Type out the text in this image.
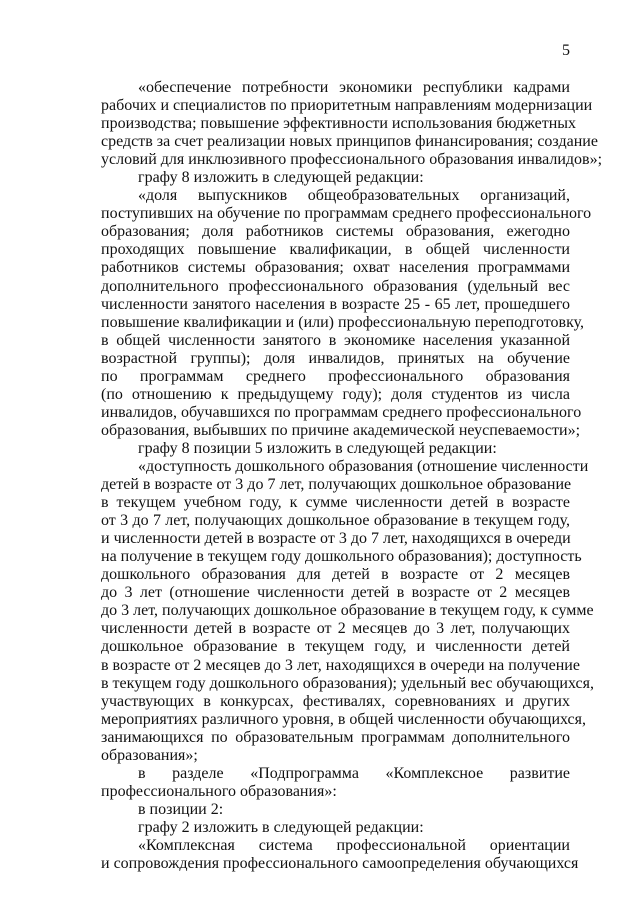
5

«обеспечение потребности экономики республики кадрами

рабочих и специалистов по приоритетным направлениям модернизации

производства; повышение эффективности использования бюджетных

средств за счет реализации новых принципов финансирования; создание

условий для инклюзивного профессионального образования инвалидов»;

графу 8 изложить в следующей редакции:

«доля выпускников общеобразовательных организаций,

поступивших на обучение по программам среднего профессионального

образования; доля работников системы образования, ежегодно

проходящих повышение квалификации, в общей численности

работников системы образования; охват населения программами

дополнительного профессионального образования (удельный вес

численности занятого населения в возрасте 25 - 65 лет, прошедшего

повышение квалификации и (или) профессиональную переподготовку,

в общей численности занятого в экономике населения указанной

возрастной группы); доля инвалидов, принятых на обучение

по программам среднего профессионального образования

(по отношению к предыдущему году); доля студентов из числа

инвалидов, обучавшихся по программам среднего профессионального

образования, выбывших по причине академической неуспеваемости»;

графу 8 позиции 5 изложить в следующей редакции:

«доступность дошкольного образования (отношение численности

детей в возрасте от 3 до 7 лет, получающих дошкольное образование

в текущем учебном году, к сумме численности детей в возрасте

от 3 до 7 лет, получающих дошкольное образование в текущем году,

и численности детей в возрасте от 3 до 7 лет, находящихся в очереди

на получение в текущем году дошкольного образования); доступность

дошкольного образования для детей в возрасте от 2 месяцев

до 3 лет (отношение численности детей в возрасте от 2 месяцев

до 3 лет, получающих дошкольное образование в текущем году, к сумме

численности детей в возрасте от 2 месяцев до 3 лет, получающих

дошкольное образование в текущем году, и численности детей

в возрасте от 2 месяцев до 3 лет, находящихся в очереди на получение

в текущем году дошкольного образования); удельный вес обучающихся,

участвующих в конкурсах, фестивалях, соревнованиях и других

мероприятиях различного уровня, в общей численности обучающихся,

занимающихся по образовательным программам дополнительного

образования»;

в разделе «Подпрограмма «Комплексное развитие

профессионального образования»:

в позиции 2:

графу 2 изложить в следующей редакции:

«Комплексная система профессиональной ориентации

и сопровождения профессионального самоопределения обучающихся
